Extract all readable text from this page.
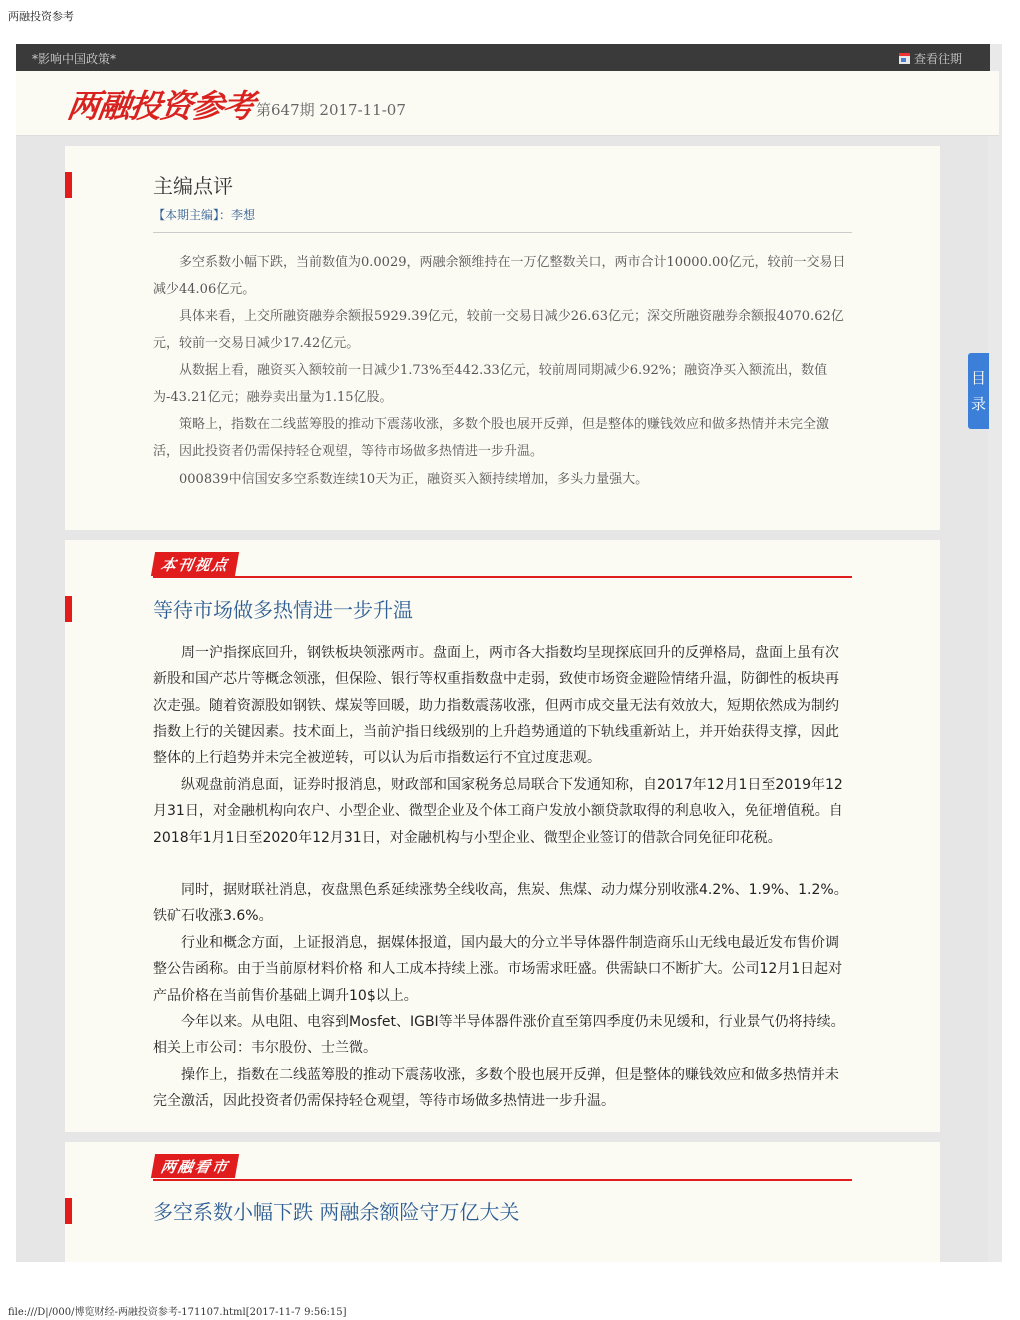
两融投资参考
*影响中国政策*	查看往期
两融投资参考 第647期 2017-11-07
主编点评
【本期主编】：李想

多空系数小幅下跌，当前数值为0.0029，两融余额维持在一万亿整数关口，两市合计10000.00亿元，较前一交易日减少44.06亿元。

具体来看，上交所融资融券余额报5929.39亿元，较前一交易日减少26.63亿元；深交所融资融券余额报4070.62亿元，较前一交易日减少17.42亿元。

从数据上看，融资买入额较前一日减少1.73%至442.33亿元，较前周同期减少6.92%；融资净买入额流出，数值为-43.21亿元；融券卖出量为1.15亿股。

策略上，指数在二线蓝筹股的推动下震荡收涨，多数个股也展开反弹，但是整体的赚钱效应和做多热情并未完全激活，因此投资者仍需保持轻仓观望，等待市场做多热情进一步升温。

000839中信国安多空系数连续10天为正，融资买入额持续增加，多头力量强大。

本刊视点
等待市场做多热情进一步升温

周一沪指探底回升，钢铁板块领涨两市。盘面上，两市各大指数均呈现探底回升的反弹格局，盘面上虽有次新股和国产芯片等概念领涨，但保险、银行等权重指数盘中走弱，致使市场资金避险情绪升温，防御性的板块再次走强。随着资源股如钢铁、煤炭等回暖，助力指数震荡收涨，但两市成交量无法有效放大，短期依然成为制约指数上行的关键因素。技术面上，当前沪指日线级别的上升趋势通道的下轨线重新站上，并开始获得支撑，因此整体的上行趋势并未完全被逆转，可以认为后市指数运行不宜过度悲观。

纵观盘前消息面，证券时报消息，财政部和国家税务总局联合下发通知称，自2017年12月1日至2019年12月31日，对金融机构向农户、小型企业、微型企业及个体工商户发放小额贷款取得的利息收入，免征增值税。自2018年1月1日至2020年12月31日，对金融机构与小型企业、微型企业签订的借款合同免征印花税。

同时，据财联社消息，夜盘黑色系延续涨势全线收高，焦炭、焦煤、动力煤分别收涨4.2%、1.9%、1.2%。铁矿石收涨3.6%。

行业和概念方面，上证报消息，据媒体报道，国内最大的分立半导体器件制造商乐山无线电最近发布售价调整公告函称。由于当前原材料价格 和人工成本持续上涨。市场需求旺盛。供需缺口不断扩大。公司12月1日起对产品价格在当前售价基础上调升10$以上。

今年以来。从电阻、电容到Mosfet、IGBI等半导体器件涨价直至第四季度仍未见缓和，行业景气仍将持续。相关上市公司：韦尔股份、士兰微。

操作上，指数在二线蓝筹股的推动下震荡收涨，多数个股也展开反弹，但是整体的赚钱效应和做多热情并未完全激活，因此投资者仍需保持轻仓观望，等待市场做多热情进一步升温。

两融看市
多空系数小幅下跌 两融余额险守万亿大关
目录
file:///D|/000/博览财经-两融投资参考-171107.html[2017-11-7 9:56:15]
